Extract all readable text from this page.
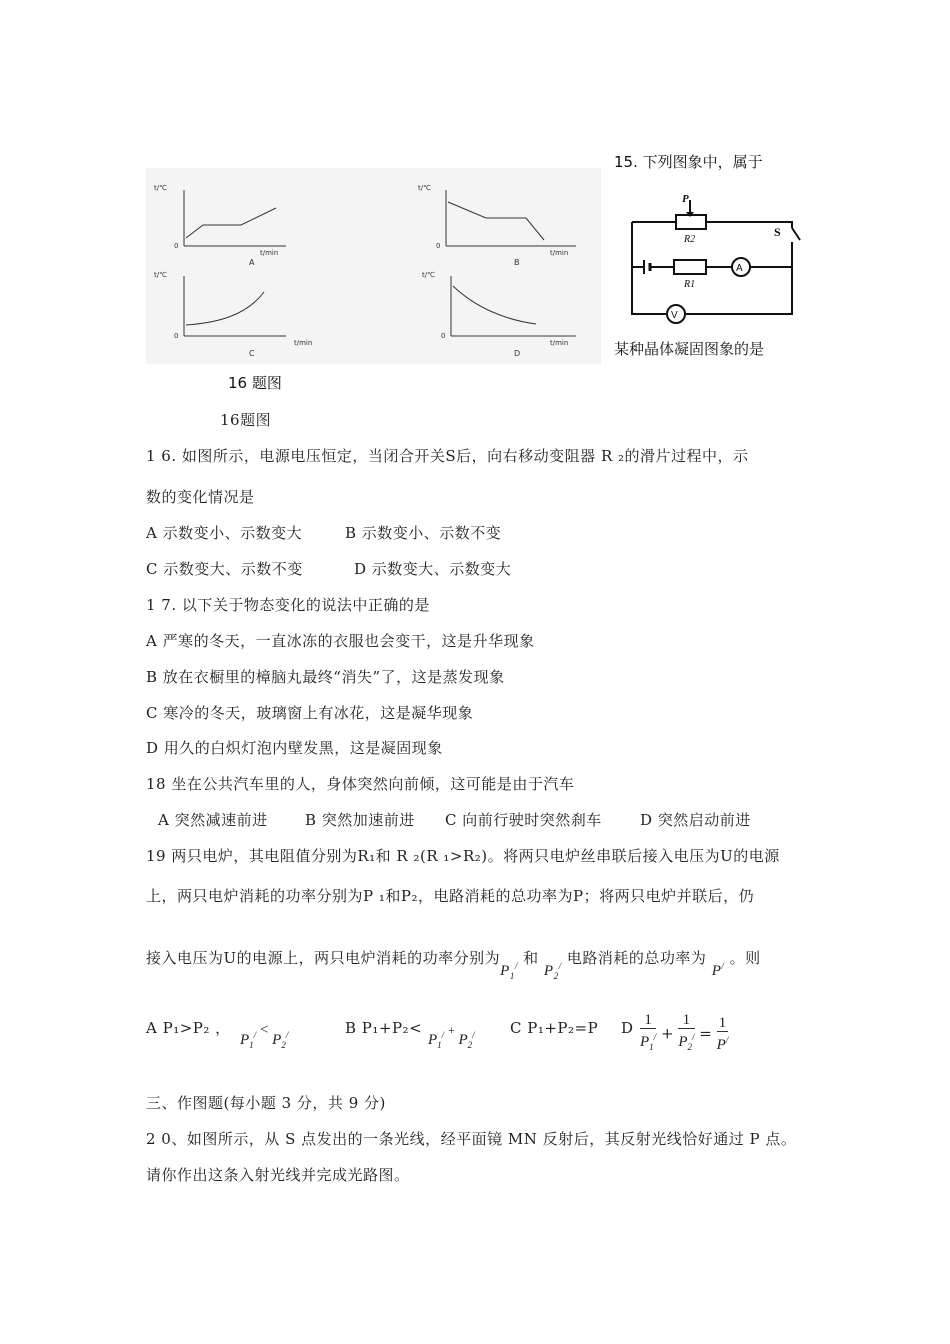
15. 下列图象中，属于
t/℃
0
t/min
A
t/℃
0
t/min
B
t/℃
0
t/min
C
t/℃
0
t/min
D
P
R2
R1
S
A
V
某种晶体凝固图象的是
16 题图
16题图
1 6. 如图所示，电源电压恒定，当闭合开关S后，向右移动变阻器 R ₂的滑片过程中，示
数的变化情况是
A 示数变小、示数变大	B 示数变小、示数不变
C 示数变大、示数不变	D 示数变大、示数变大
1 7. 以下关于物态变化的说法中正确的是
A 严寒的冬天，一直冰冻的衣服也会变干，这是升华现象
B 放在衣橱里的樟脑丸最终“消失”了，这是蒸发现象
C 寒冷的冬天，玻璃窗上有冰花，这是凝华现象
D 用久的白炽灯泡内壁发黑，这是凝固现象
18 坐在公共汽车里的人，身体突然向前倾，这可能是由于汽车
A 突然减速前进 B 突然加速前进 C 向前行驶时突然刹车	D 突然启动前进
19 两只电炉，其电阻值分别为R₁和 R ₂(R ₁>R₂)。将两只电炉丝串联后接入电压为U的电源
上，两只电炉消耗的功率分别为P ₁和P₂，电路消耗的总功率为P；将两只电炉并联后，仍
接入电压为U的电源上，两只电炉消耗的功率分别为$P_1^/$ 和 $P_2^/$ 电路消耗的总功率为 P/ 。则
A P₁>P₂ ，
$P_1^/ < P_2^/$	B P₁+P₂<
$P_1^/$ + $P_2^/$ C P₁+P₂=P D $\frac{1}{P_1^/} + \frac{1}{P_2^/} = \frac{1}{P^/}$
三、作图题(每小题 3 分，共 9 分)
2 0、如图所示，从 S 点发出的一条光线，经平面镜 MN 反射后，其反射光线恰好通过 P 点。
请你作出这条入射光线并完成光路图。
